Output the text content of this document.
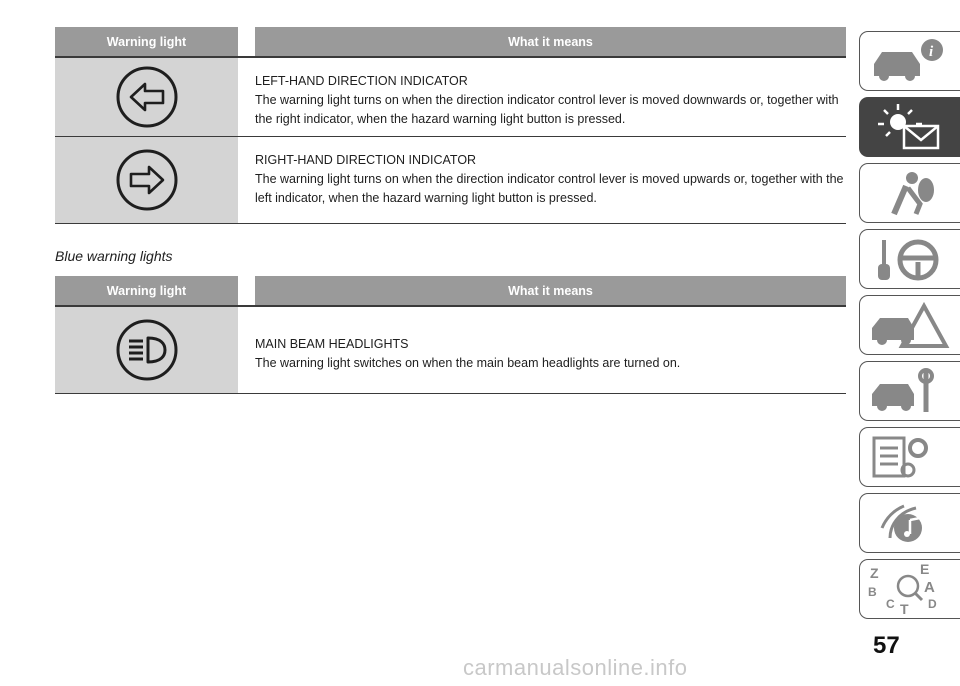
Warning light	What it means
LEFT-HAND DIRECTION INDICATOR
The warning light turns on when the direction indicator control lever is moved downwards or, together with the right indicator, when the hazard warning light button is pressed.
RIGHT-HAND DIRECTION INDICATOR
The warning light turns on when the direction indicator control lever is moved upwards or, together with the left indicator, when the hazard warning light button is pressed.
Blue warning lights
Warning light	What it means
MAIN BEAM HEADLIGHTS
The warning light switches on when the main beam headlights are turned on.
i
Z	E
B	A
C T D
57
carmanualsonline.info
